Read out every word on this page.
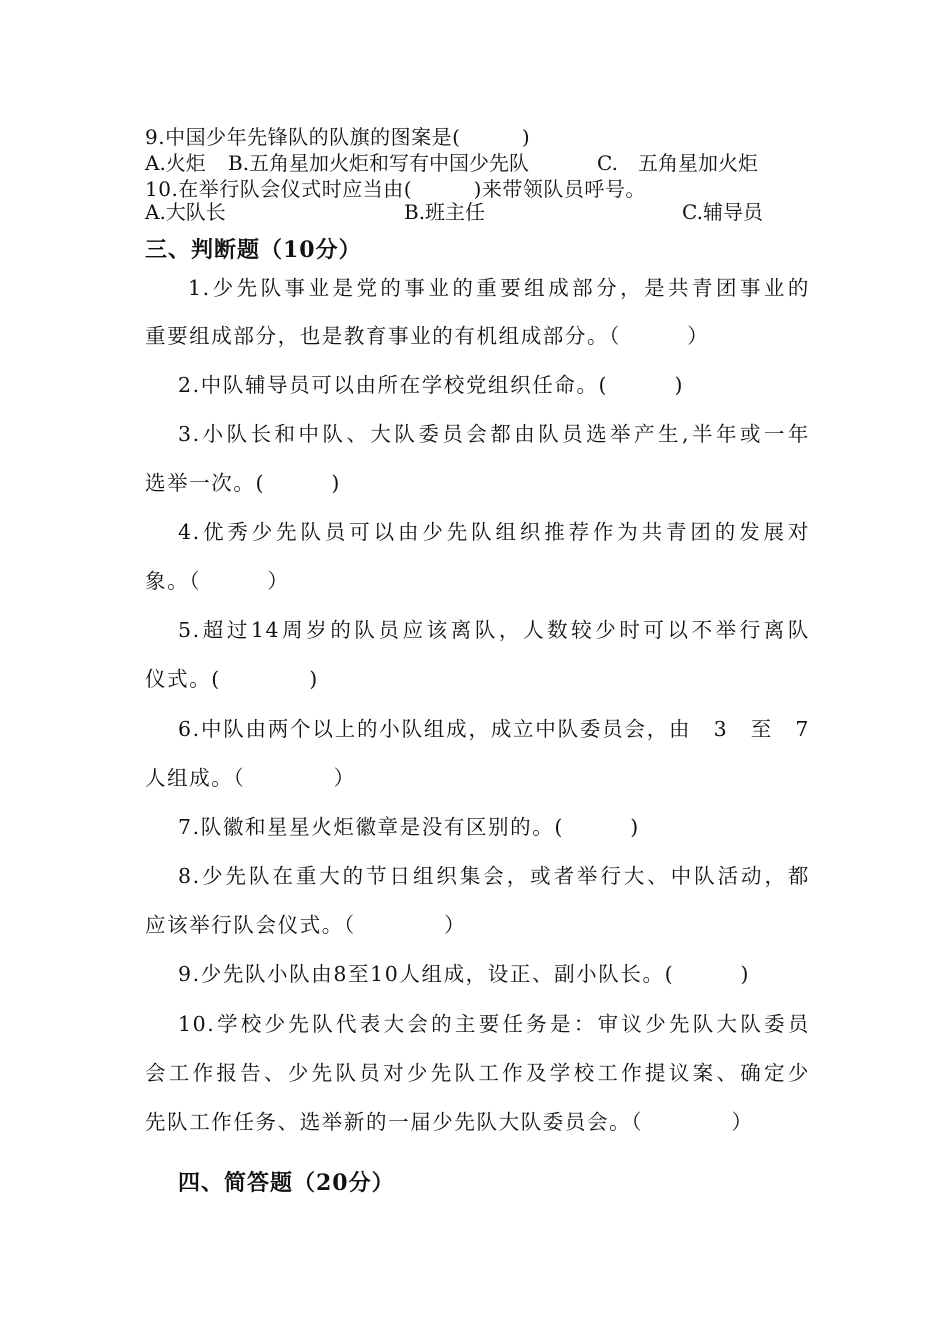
9.中国少年先锋队的队旗的图案是(　　　)
A.火炬 B.五角星加火炬和写有中国少先队	C.　五角星加火炬
10.在举行队会仪式时应当由(　　　)来带领队员呼号。
A.大队长	B.班主任	C.辅导员
三、判断题（10分）
1.少先队事业是党的事业的重要组成部分，是共青团事业的
重要组成部分，也是教育事业的有机组成部分。（　　　）
2.中队辅导员可以由所在学校党组织任命。(　　　)
3.小队长和中队、大队委员会都由队员选举产生,半年或一年
选举一次。(　　　)
4.优秀少先队员可以由少先队组织推荐作为共青团的发展对
象。（　　　）
5.超过14周岁的队员应该离队，人数较少时可以不举行离队
仪式。(　　　　)
6.中队由两个以上的小队组成，成立中队委员会，由　3　至　7
人组成。（　　　　）
7.队徽和星星火炬徽章是没有区别的。(　　　)
8.少先队在重大的节日组织集会，或者举行大、中队活动，都
应该举行队会仪式。（　　　　）
9.少先队小队由8至10人组成，设正、副小队长。(　　　)
10.学校少先队代表大会的主要任务是：审议少先队大队委员
会工作报告、少先队员对少先队工作及学校工作提议案、确定少
先队工作任务、选举新的一届少先队大队委员会。（　　　　）
四、简答题（20分）
